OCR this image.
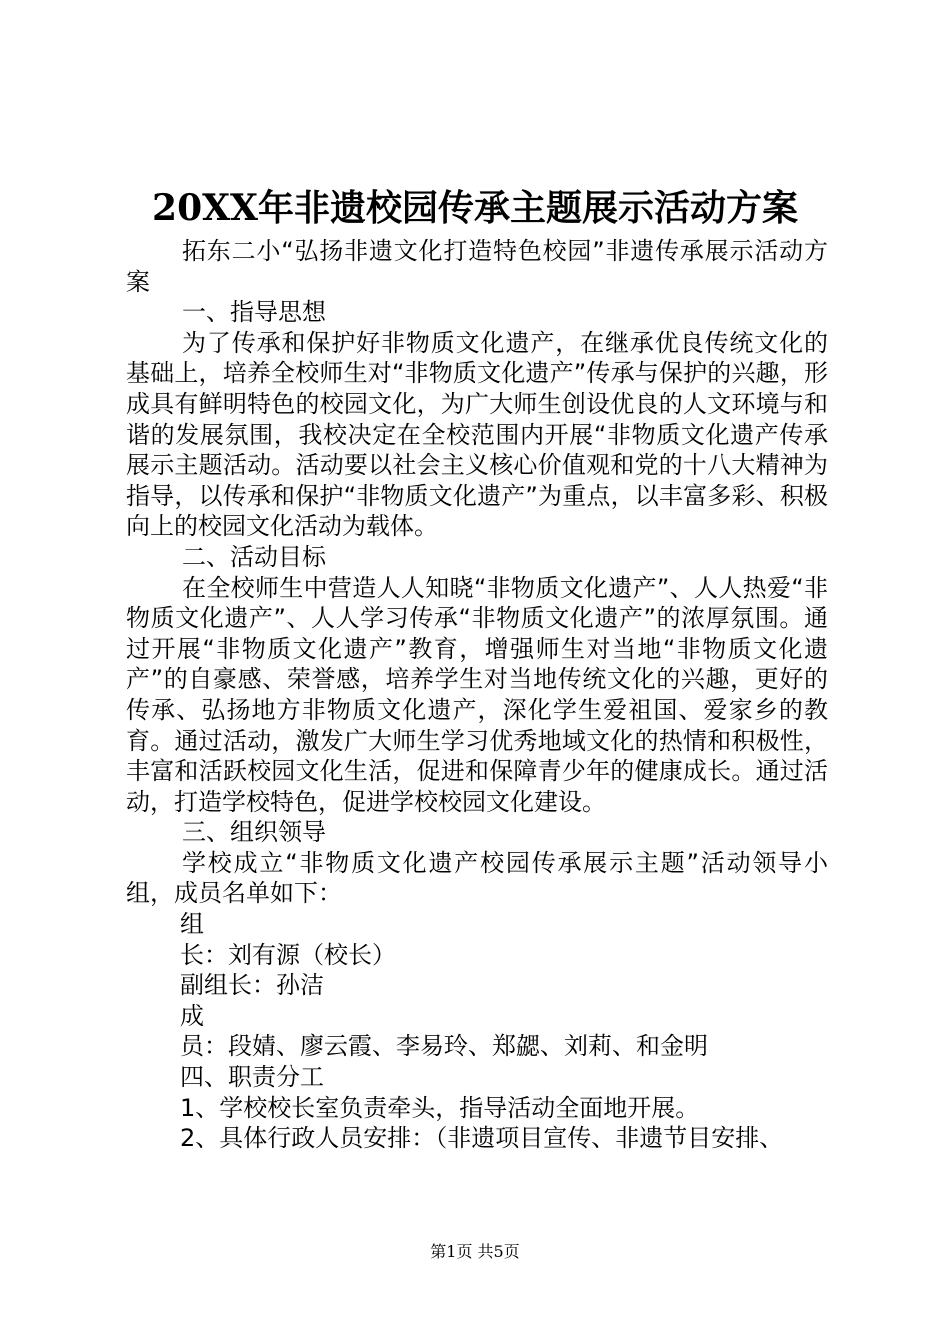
20XX年非遗校园传承主题展示活动方案

拓东二小“弘扬非遗文化打造特色校园”非遗传承展示活动方案

一、指导思想

为了传承和保护好非物质文化遗产，在继承优良传统文化的基础上，培养全校师生对“非物质文化遗产”传承与保护的兴趣，形成具有鲜明特色的校园文化，为广大师生创设优良的人文环境与和谐的发展氛围，我校决定在全校范围内开展“非物质文化遗产传承展示主题活动。活动要以社会主义核心价值观和党的十八大精神为指导，以传承和保护“非物质文化遗产”为重点，以丰富多彩、积极向上的校园文化活动为载体。

二、活动目标

在全校师生中营造人人知晓“非物质文化遗产”、人人热爱“非物质文化遗产”、人人学习传承“非物质文化遗产”的浓厚氛围。通过开展“非物质文化遗产”教育，增强师生对当地“非物质文化遗产”的自豪感、荣誉感，培养学生对当地传统文化的兴趣，更好的传承、弘扬地方非物质文化遗产，深化学生爱祖国、爱家乡的教育。通过活动，激发广大师生学习优秀地域文化的热情和积极性，丰富和活跃校园文化生活，促进和保障青少年的健康成长。通过活动，打造学校特色，促进学校校园文化建设。

三、组织领导

学校成立“非物质文化遗产校园传承展示主题”活动领导小组，成员名单如下：

组

长：刘有源（校长）

副组长：孙洁

成

员：段婧、廖云霞、李易玲、郑勰、刘莉、和金明

四、职责分工

1、学校校长室负责牵头，指导活动全面地开展。

2、具体行政人员安排：（非遗项目宣传、非遗节目安排、

第1页 共5页
